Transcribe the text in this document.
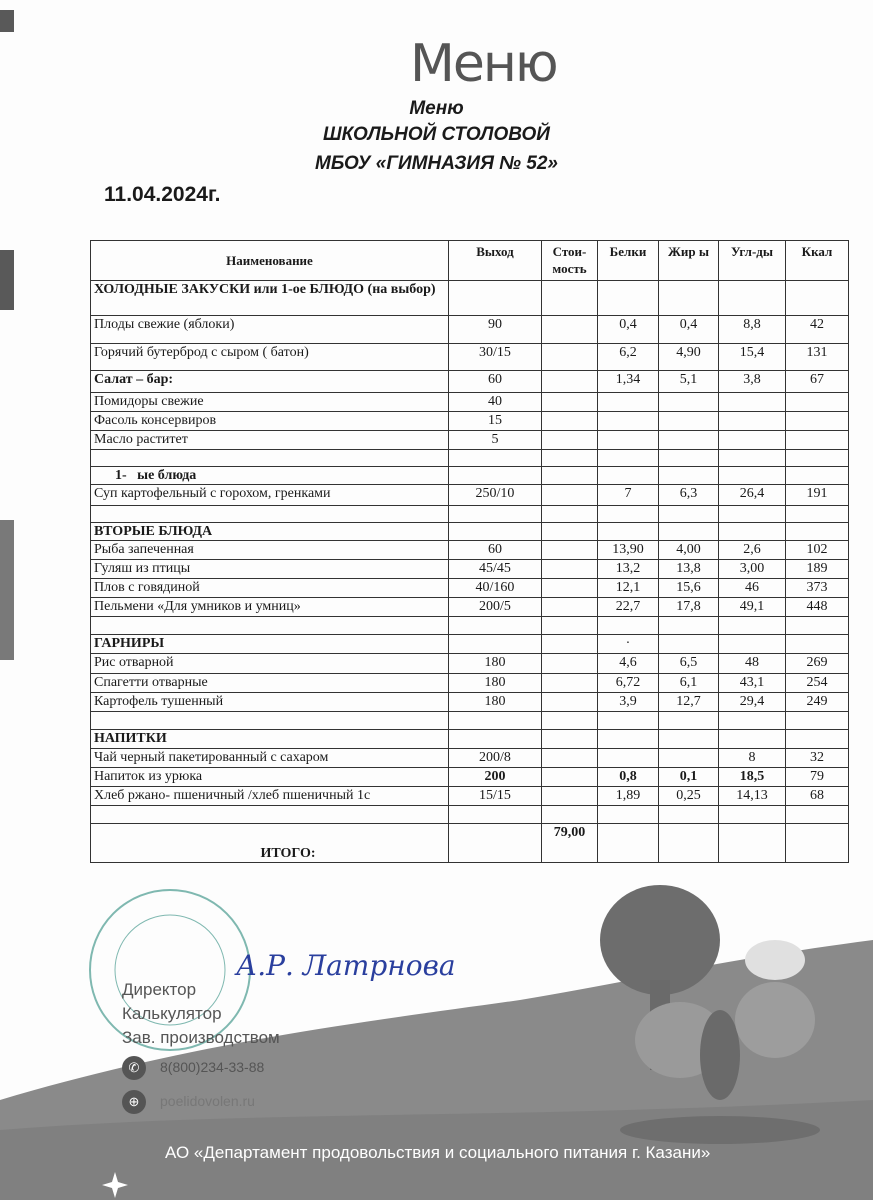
Меню
Меню
ШКОЛЬНОЙ СТОЛОВОЙ
МБОУ «ГИМНАЗИЯ № 52»
11.04.2024г.
Наименование	Выход	Стои-мость	Белки	Жир ы	Угл-ды	Ккал
ХОЛОДНЫЕ ЗАКУСКИ или 1-ое БЛЮДО (на выбор)						
Плоды свежие (яблоки)	90		0,4	0,4	8,8	42
Горячий бутерброд с сыром ( батон)	30/15		6,2	4,90	15,4	131
Салат – бар:	60		1,34	5,1	3,8	67
Помидоры свежие	40					
Фасоль консервиров	15					
Масло раститет	5					

1-   ые блюда						
Суп картофельный с горохом, гренками	250/10		7	6,3	26,4	191

ВТОРЫЕ БЛЮДА						
Рыба запеченная	60		13,90	4,00	2,6	102
Гуляш из птицы	45/45		13,2	13,8	3,00	189
Плов с говядиной	40/160		12,1	15,6	46	373
Пельмени «Для умников и умниц»	200/5		22,7	17,8	49,1	448

ГАРНИРЫ			·			
Рис отварной	180		4,6	6,5	48	269
Спагетти отварные	180		6,72	6,1	43,1	254
Картофель тушенный	180		3,9	12,7	29,4	249

НАПИТКИ						
Чай черный пакетированный с сахаром	200/8				8	32
Напиток из урюка	200		0,8	0,1	18,5	79
Хлеб ржано- пшеничный /хлеб пшеничный 1с	15/15		1,89	0,25	14,13	68

ИТОГО:		79,00				
Директор
Калькулятор
Зав. производством
А.Р. Латрнова
✆	8(800)234-33-88
⊕	poelidovolen.ru
АО «Департамент продовольствия и социального питания г. Казани»
